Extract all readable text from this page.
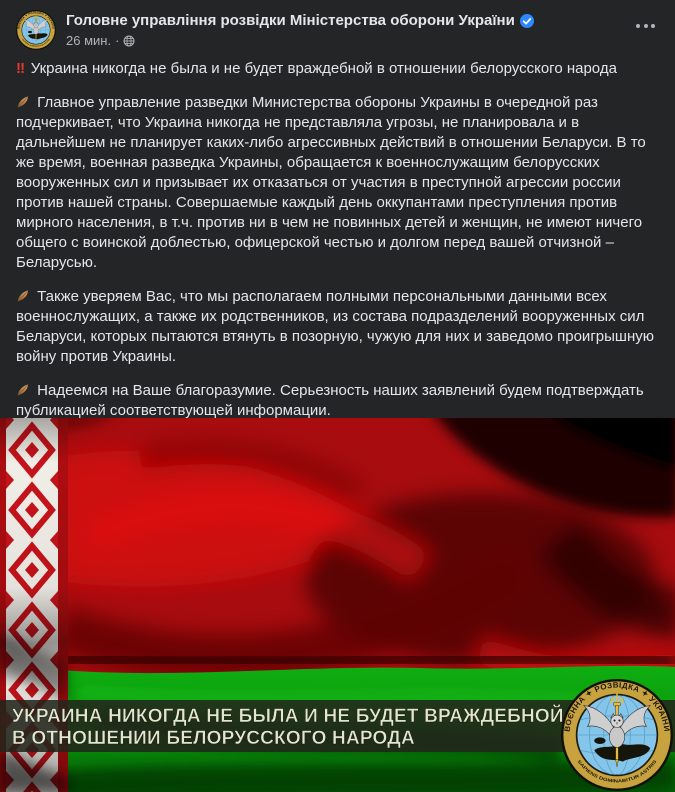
Головне управління розвідки Міністерства оборони України
26 мин. ·

‼ Украина никогда не была и не будет враждебной в отношении белорусского народа

Главное управление разведки Министерства обороны Украины в очередной раз подчеркивает, что Украина никогда не представляла угрозы, не планировала и в дальнейшем не планирует каких-либо агрессивных действий в отношении Беларуси. В то же время, военная разведка Украины, обращается к военнослужащим белорусских вооруженных сил и призывает их отказаться от участия в преступной агрессии россии против нашей страны. Совершаемые каждый день оккупантами преступления против мирного населения, в т.ч. против ни в чем не повинных детей и женщин, не имеют ничего общего с воинской доблестью, офицерской честью и долгом перед вашей отчизной – Беларусью.

Также уверяем Вас, что мы располагаем полными персональными данными всех военнослужащих, а также их родственников, из состава подразделений вооруженных сил Беларуси, которых пытаются втянуть в позорную, чужую для них и заведомо проигрышную войну против Украины.

Надеемся на Ваше благоразумие. Серьезность наших заявлений будем подтверждать публикацией соответствующей информации.

УКРАИНА НИКОГДА НЕ БЫЛА И НЕ БУДЕТ ВРАЖДЕБНОЙ
В ОТНОШЕНИИ БЕЛОРУССКОГО НАРОДА
